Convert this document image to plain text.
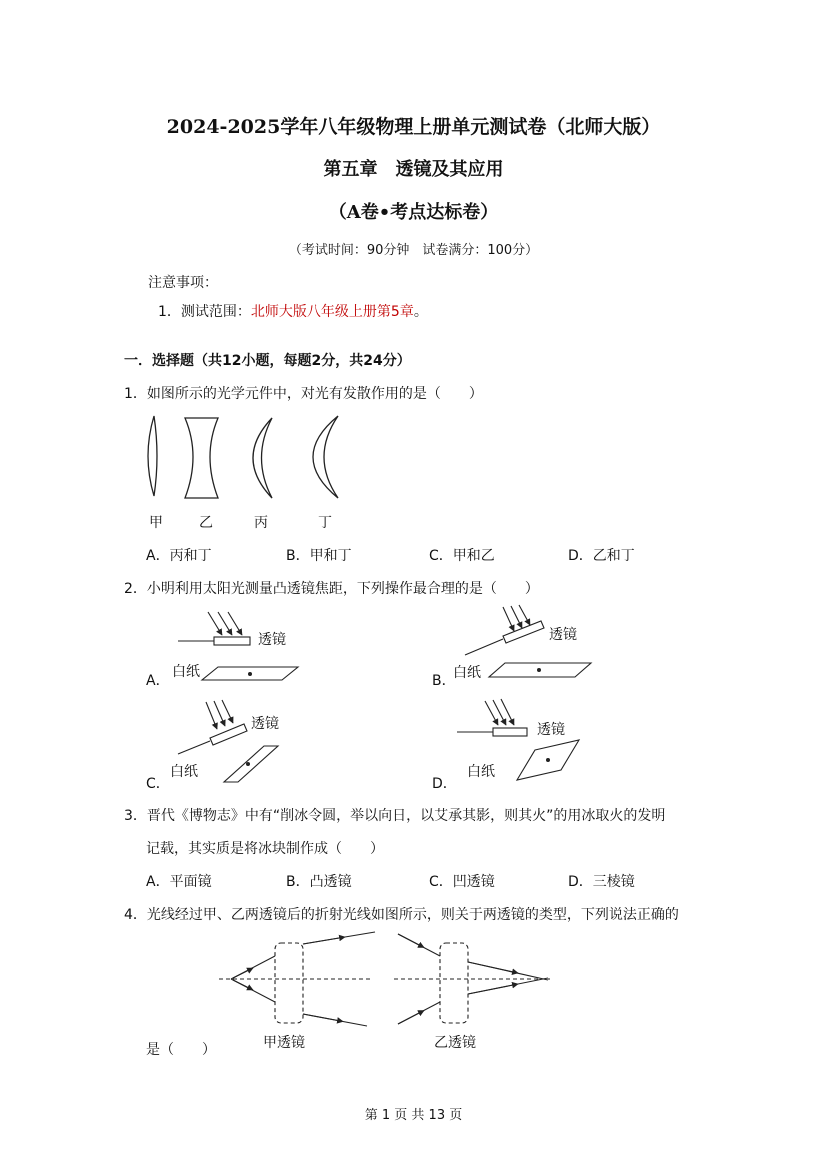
2024-2025学年八年级物理上册单元测试卷（北师大版）
第五章　透镜及其应用
（A卷•考点达标卷）
（考试时间：90分钟　试卷满分：100分）
注意事项：
1．测试范围：北师大版八年级上册第5章。
一．选择题（共12小题，每题2分，共24分）
1．如图所示的光学元件中，对光有发散作用的是（　　）
甲	乙	丙	丁
A．丙和丁	B．甲和丁	C．甲和乙	D．乙和丁
2．小明利用太阳光测量凸透镜焦距，下列操作最合理的是（　　）
A．
透镜
白纸
B．
透镜
白纸
C．
透镜
白纸
D．
透镜
白纸
3．晋代《博物志》中有“削冰令圆，举以向日，以艾承其影，则其火”的用冰取火的发明
记载，其实质是将冰块制作成（　　）
A．平面镜	B．凸透镜	C．凹透镜	D．三棱镜
4．光线经过甲、乙两透镜后的折射光线如图所示，则关于两透镜的类型，下列说法正确的
甲透镜	乙透镜
是（　　）
第 1 页 共 13 页
